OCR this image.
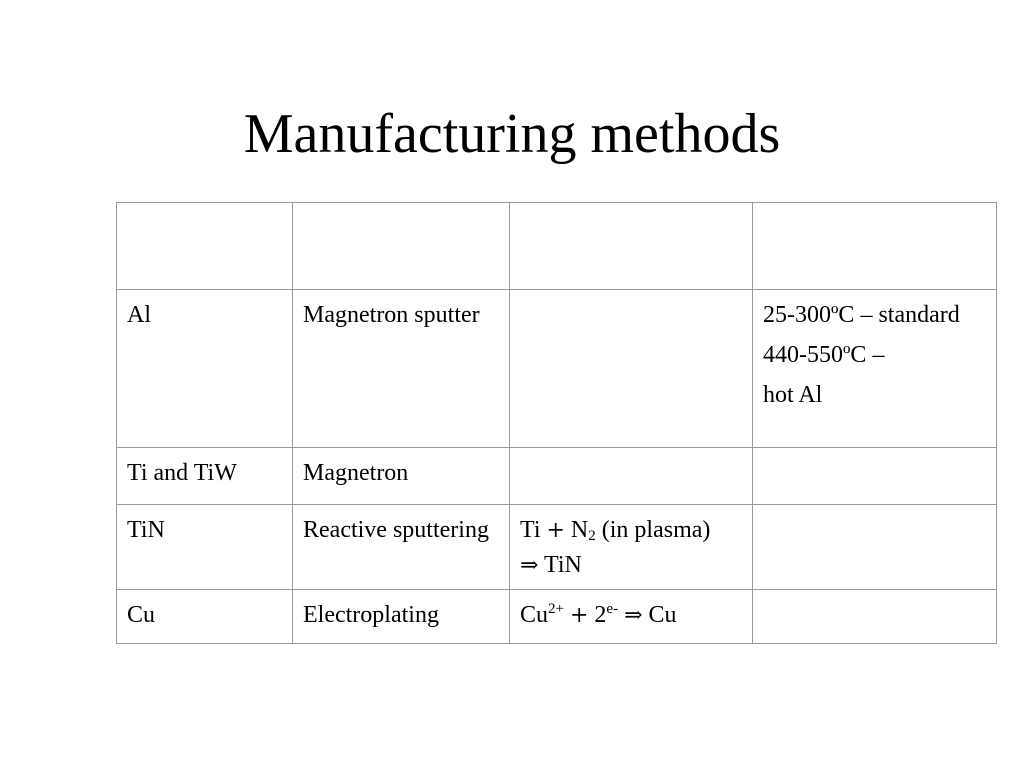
Manufacturing methods

Al	Magnetron sputter		25-300ºC – standard
440-550ºC –
hot Al

Ti and TiW	Magnetron		
TiN	Reactive sputtering	$Ti + N_2$ (in plasma)
⇒ TiN	
Cu	Electroplating	$Cu^{2+} + 2^{e-}$ ⇒ Cu	
